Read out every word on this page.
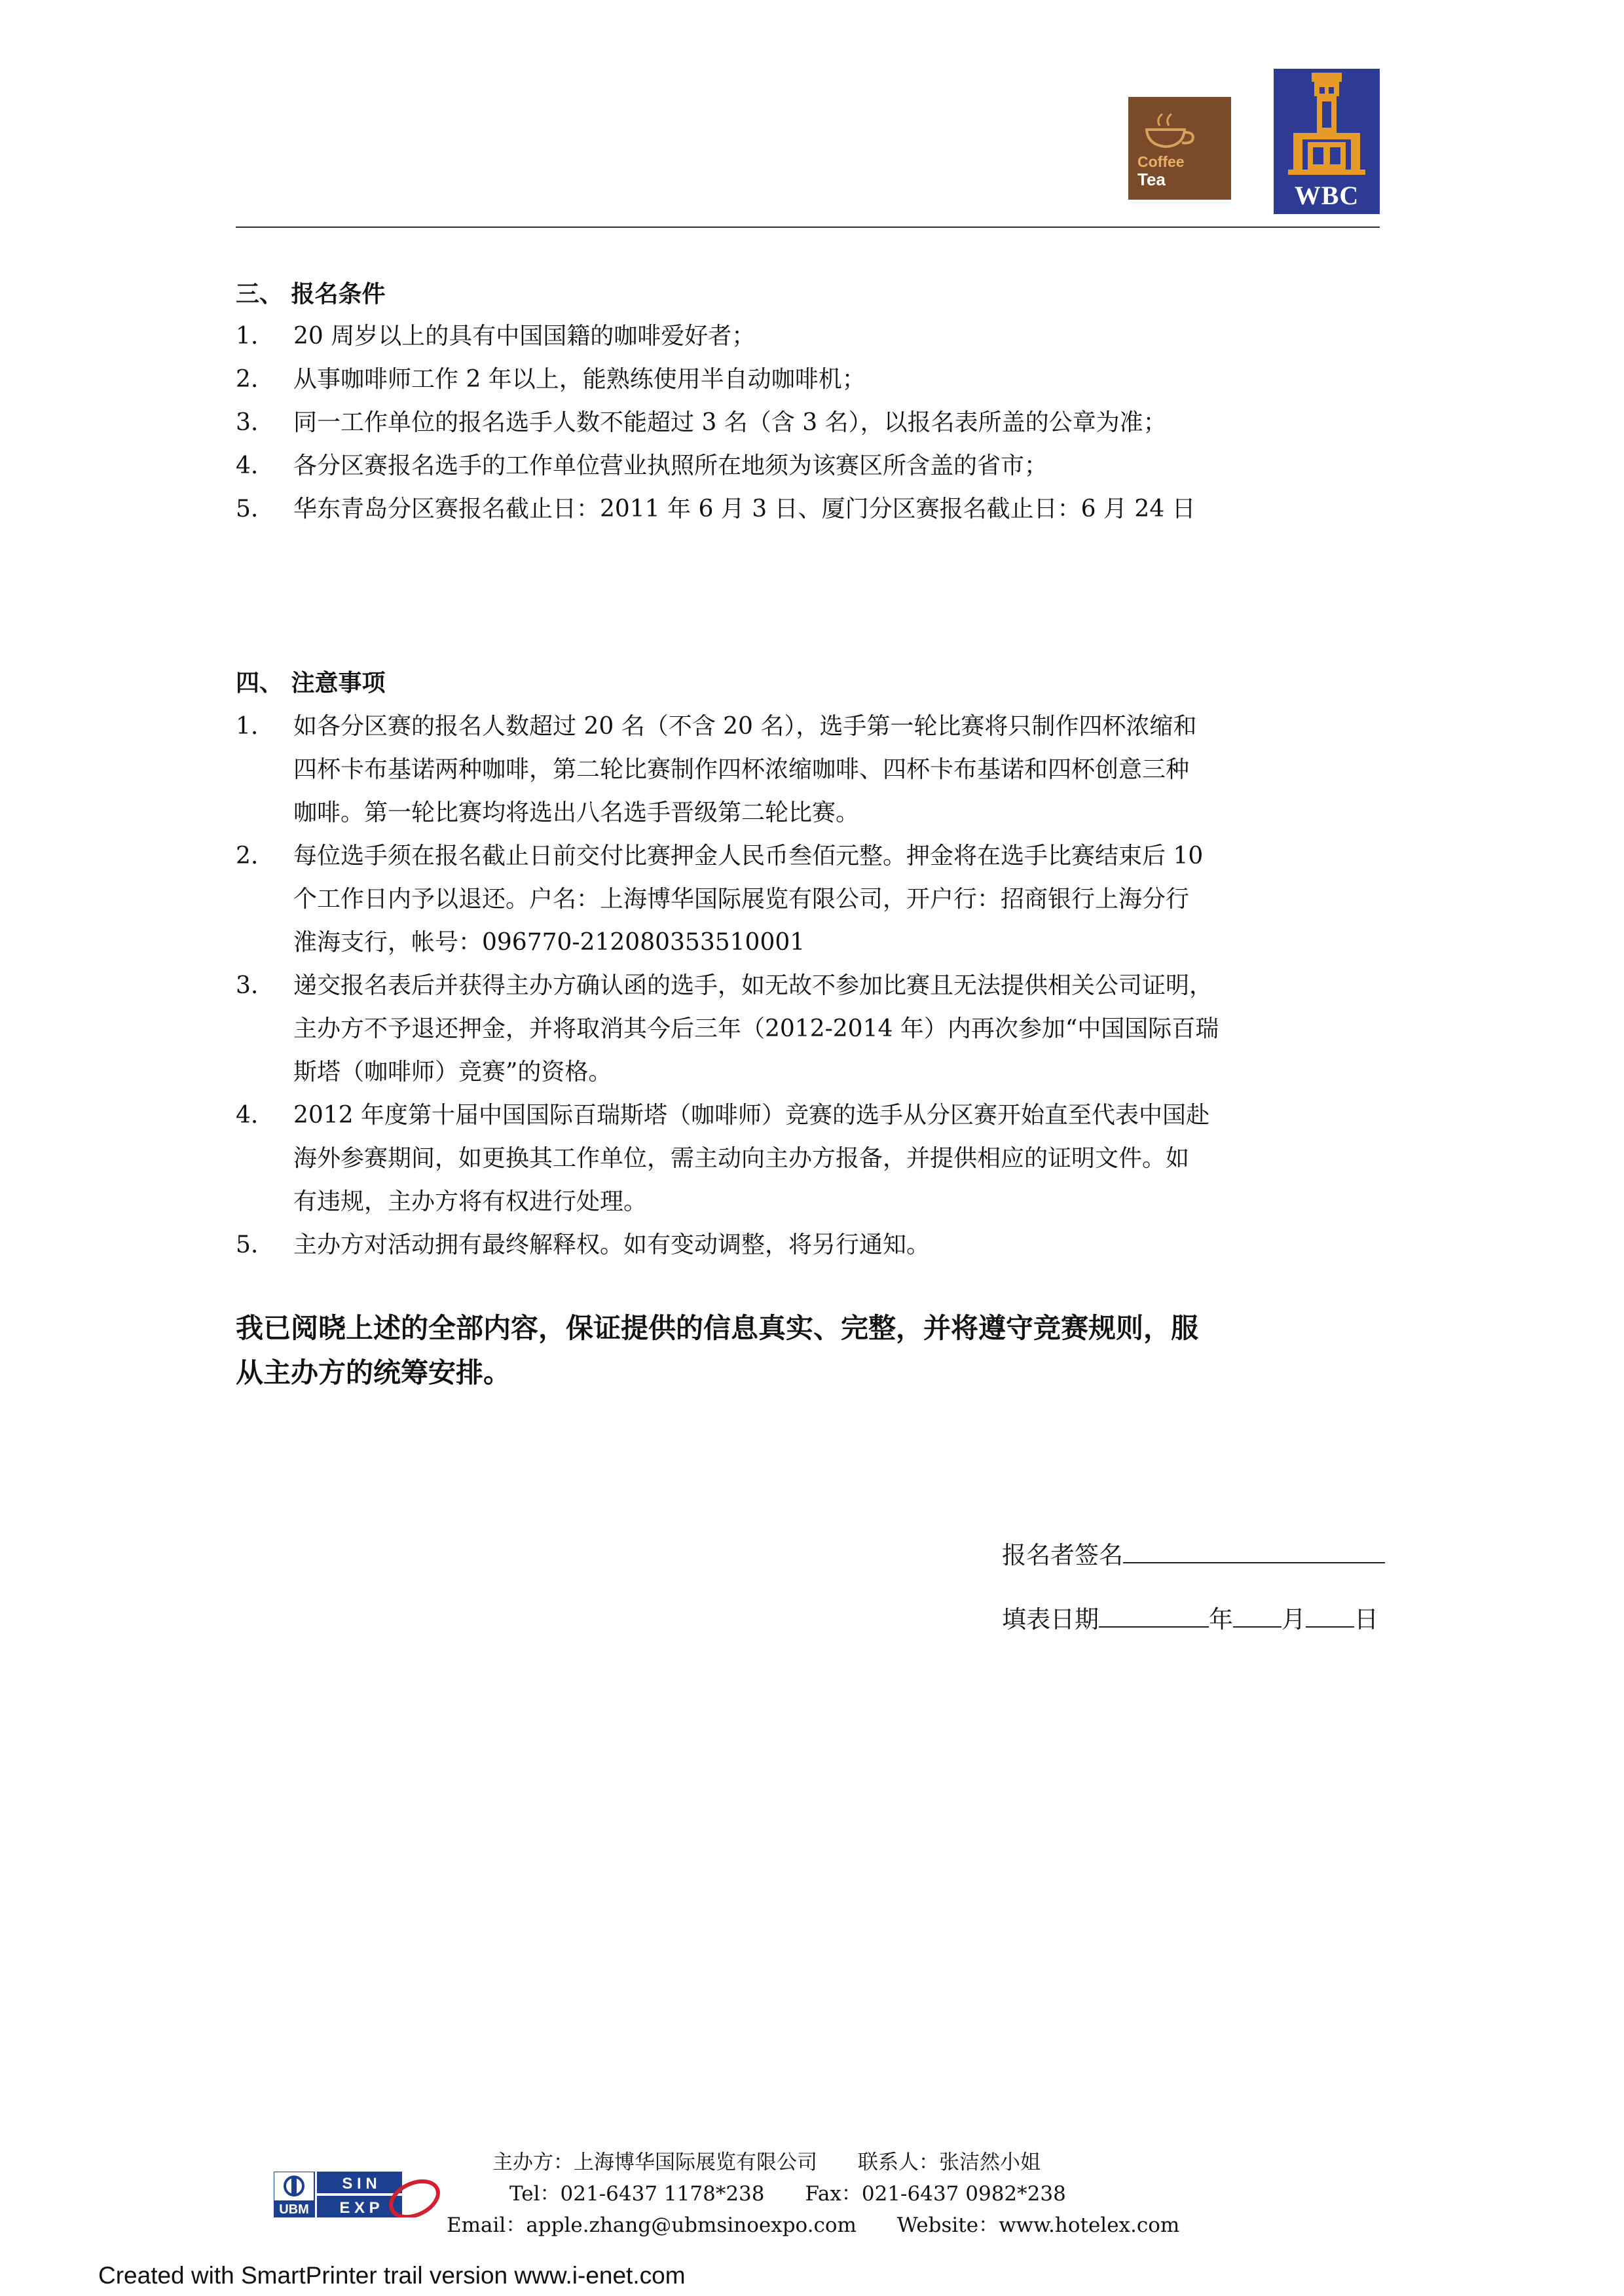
Coffee
Tea
WBC
三、 报名条件
1. 20 周岁以上的具有中国国籍的咖啡爱好者；
2. 从事咖啡师工作 2 年以上，能熟练使用半自动咖啡机；
3. 同一工作单位的报名选手人数不能超过 3 名（含 3 名），以报名表所盖的公章为准；
4. 各分区赛报名选手的工作单位营业执照所在地须为该赛区所含盖的省市；
5. 华东青岛分区赛报名截止日：2011 年 6 月 3 日、厦门分区赛报名截止日：6 月 24 日
四、 注意事项
1. 如各分区赛的报名人数超过 20 名（不含 20 名），选手第一轮比赛将只制作四杯浓缩和
四杯卡布基诺两种咖啡，第二轮比赛制作四杯浓缩咖啡、四杯卡布基诺和四杯创意三种
咖啡。第一轮比赛均将选出八名选手晋级第二轮比赛。
2. 每位选手须在报名截止日前交付比赛押金人民币叁佰元整。押金将在选手比赛结束后 10
个工作日内予以退还。户名：上海博华国际展览有限公司，开户行：招商银行上海分行
淮海支行，帐号：096770-212080353510001
3. 递交报名表后并获得主办方确认函的选手，如无故不参加比赛且无法提供相关公司证明，
主办方不予退还押金，并将取消其今后三年（2012-2014 年）内再次参加“中国国际百瑞
斯塔（咖啡师）竞赛”的资格。
4. 2012 年度第十届中国国际百瑞斯塔（咖啡师）竞赛的选手从分区赛开始直至代表中国赴
海外参赛期间，如更换其工作单位，需主动向主办方报备，并提供相应的证明文件。如
有违规，主办方将有权进行处理。
5. 主办方对活动拥有最终解释权。如有变动调整，将另行通知。
我已阅晓上述的全部内容，保证提供的信息真实、完整，并将遵守竞赛规则，服
从主办方的统筹安排。
报名者签名
填表日期	年 月 日
主办方：上海博华国际展览有限公司　　联系人：张洁然小姐
Tel：021-6437 1178*238　　Fax：021-6437 0982*238
Email：apple.zhang@ubmsinoexpo.com　　Website：www.hotelex.com
UBM
S I N
E X P
Created with SmartPrinter trail version www.i-enet.com
